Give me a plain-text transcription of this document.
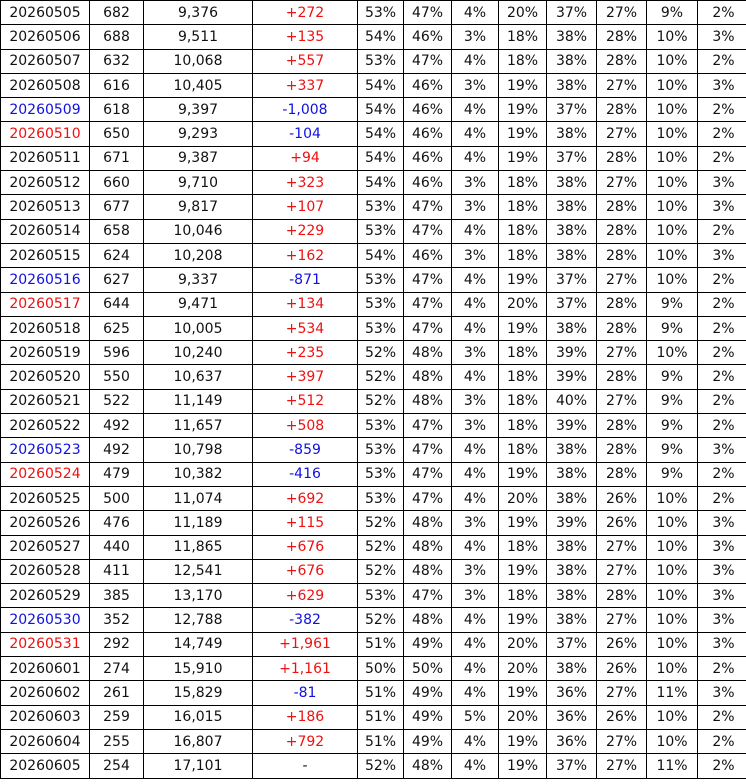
20260505	682	9,376	+272	53%	47%	4%	20%	37%	27%	9%	2%
20260506	688	9,511	+135	54%	46%	3%	18%	38%	28%	10%	3%
20260507	632	10,068	+557	53%	47%	4%	18%	38%	28%	10%	2%
20260508	616	10,405	+337	54%	46%	3%	19%	38%	27%	10%	3%
20260509	618	9,397	-1,008	54%	46%	4%	19%	37%	28%	10%	2%
20260510	650	9,293	-104	54%	46%	4%	19%	38%	27%	10%	2%
20260511	671	9,387	+94	54%	46%	4%	19%	37%	28%	10%	2%
20260512	660	9,710	+323	54%	46%	3%	18%	38%	27%	10%	3%
20260513	677	9,817	+107	53%	47%	3%	18%	38%	28%	10%	3%
20260514	658	10,046	+229	53%	47%	4%	18%	38%	28%	10%	2%
20260515	624	10,208	+162	54%	46%	3%	18%	38%	28%	10%	3%
20260516	627	9,337	-871	53%	47%	4%	19%	37%	27%	10%	2%
20260517	644	9,471	+134	53%	47%	4%	20%	37%	28%	9%	2%
20260518	625	10,005	+534	53%	47%	4%	19%	38%	28%	9%	2%
20260519	596	10,240	+235	52%	48%	3%	18%	39%	27%	10%	2%
20260520	550	10,637	+397	52%	48%	4%	18%	39%	28%	9%	2%
20260521	522	11,149	+512	52%	48%	3%	18%	40%	27%	9%	2%
20260522	492	11,657	+508	53%	47%	3%	18%	39%	28%	9%	2%
20260523	492	10,798	-859	53%	47%	4%	18%	38%	28%	9%	3%
20260524	479	10,382	-416	53%	47%	4%	19%	38%	28%	9%	2%
20260525	500	11,074	+692	53%	47%	4%	20%	38%	26%	10%	2%
20260526	476	11,189	+115	52%	48%	3%	19%	39%	26%	10%	3%
20260527	440	11,865	+676	52%	48%	4%	18%	38%	27%	10%	3%
20260528	411	12,541	+676	52%	48%	3%	19%	38%	27%	10%	3%
20260529	385	13,170	+629	53%	47%	3%	18%	38%	28%	10%	3%
20260530	352	12,788	-382	52%	48%	4%	19%	38%	27%	10%	3%
20260531	292	14,749	+1,961	51%	49%	4%	20%	37%	26%	10%	3%
20260601	274	15,910	+1,161	50%	50%	4%	20%	38%	26%	10%	2%
20260602	261	15,829	-81	51%	49%	4%	19%	36%	27%	11%	3%
20260603	259	16,015	+186	51%	49%	5%	20%	36%	26%	10%	2%
20260604	255	16,807	+792	51%	49%	4%	19%	36%	27%	10%	2%
20260605	254	17,101	-	52%	48%	4%	19%	37%	27%	11%	2%
